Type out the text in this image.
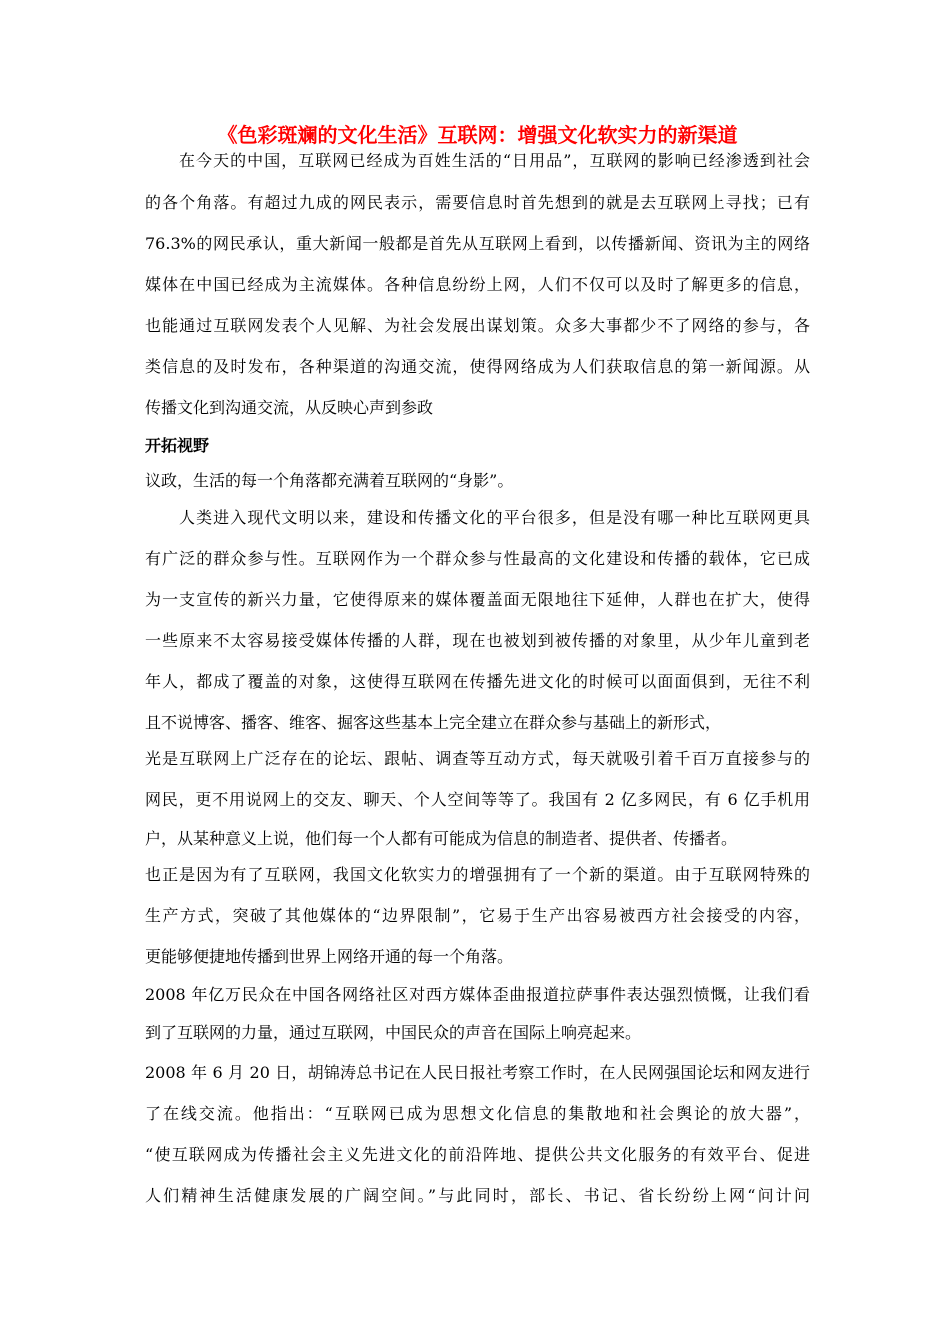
《色彩斑斓的文化生活》互联网：增强文化软实力的新渠道
在今天的中国，互联网已经成为百姓生活的“日用品”，互联网的影响已经渗透到社会
的各个角落。有超过九成的网民表示，需要信息时首先想到的就是去互联网上寻找；已有
76.3%的网民承认，重大新闻一般都是首先从互联网上看到，以传播新闻、资讯为主的网络
媒体在中国已经成为主流媒体。各种信息纷纷上网，人们不仅可以及时了解更多的信息，
也能通过互联网发表个人见解、为社会发展出谋划策。众多大事都少不了网络的参与，各
类信息的及时发布，各种渠道的沟通交流，使得网络成为人们获取信息的第一新闻源。从
传播文化到沟通交流，从反映心声到参政
开拓视野
议政，生活的每一个角落都充满着互联网的“身影”。
人类进入现代文明以来，建设和传播文化的平台很多，但是没有哪一种比互联网更具
有广泛的群众参与性。互联网作为一个群众参与性最高的文化建设和传播的载体，它已成
为一支宣传的新兴力量，它使得原来的媒体覆盖面无限地往下延伸，人群也在扩大，使得
一些原来不太容易接受媒体传播的人群，现在也被划到被传播的对象里，从少年儿童到老
年人，都成了覆盖的对象，这使得互联网在传播先进文化的时候可以面面俱到，无往不利
且不说博客、播客、维客、掘客这些基本上完全建立在群众参与基础上的新形式，
光是互联网上广泛存在的论坛、跟帖、调查等互动方式，每天就吸引着千百万直接参与的
网民，更不用说网上的交友、聊天、个人空间等等了。我国有 2 亿多网民，有 6 亿手机用
户，从某种意义上说，他们每一个人都有可能成为信息的制造者、提供者、传播者。
也正是因为有了互联网，我国文化软实力的增强拥有了一个新的渠道。由于互联网特殊的
生产方式，突破了其他媒体的“边界限制”，它易于生产出容易被西方社会接受的内容，
更能够便捷地传播到世界上网络开通的每一个角落。
2008 年亿万民众在中国各网络社区对西方媒体歪曲报道拉萨事件表达强烈愤慨，让我们看
到了互联网的力量，通过互联网，中国民众的声音在国际上响亮起来。
2008 年 6 月 20 日，胡锦涛总书记在人民日报社考察工作时，在人民网强国论坛和网友进行
了在线交流。他指出：“互联网已成为思想文化信息的集散地和社会舆论的放大器”，
“使互联网成为传播社会主义先进文化的前沿阵地、提供公共文化服务的有效平台、促进
人们精神生活健康发展的广阔空间。”与此同时，部长、书记、省长纷纷上网“问计问
